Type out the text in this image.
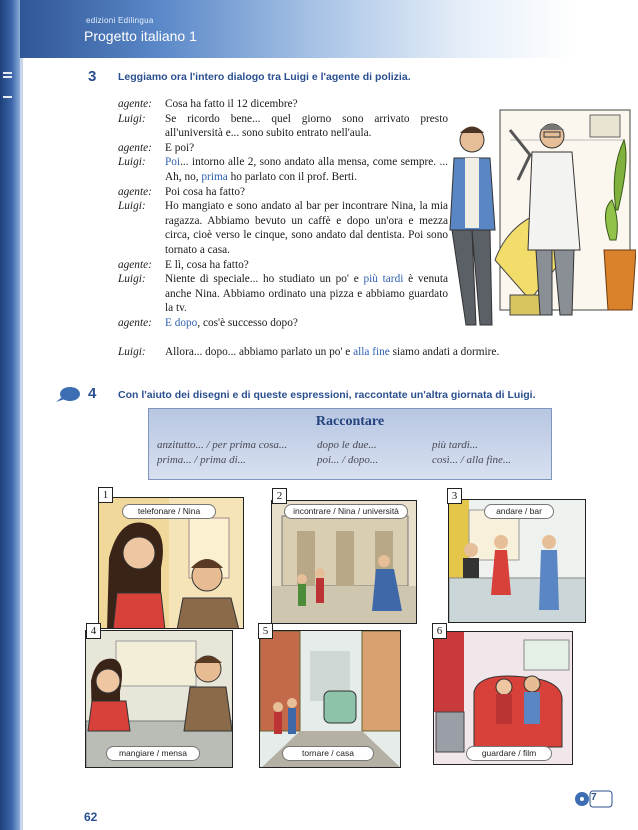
edizioni Edilingua
Progetto italiano 1
3 Leggiamo ora l'intero dialogo tra Luigi e l'agente di polizia.
agente:	Cosa ha fatto il 12 dicembre?
Luigi:	Se ricordo bene... quel giorno sono arrivato presto all'università e... sono subito entrato nell'aula.
agente:	E poi?
Luigi:	Poi... intorno alle 2, sono andato alla mensa, come sempre. ... Ah, no, prima ho parlato con il prof. Berti.
agente:	Poi cosa ha fatto?
Luigi:	Ho mangiato e sono andato al bar per incontrare Nina, la mia ragazza. Abbiamo bevuto un caffè e dopo un'ora e mezza circa, cioè verso le cinque, sono andato dal dentista. Poi sono tornato a casa.
agente:	E lì, cosa ha fatto?
Luigi:	Niente di speciale... ho studiato un po' e più tardi è venuta anche Nina. Abbiamo ordinato una pizza e abbiamo guardato la tv.
agente:	E dopo, cos'è successo dopo?
Luigi:	Allora... dopo... abbiamo parlato un po' e alla fine siamo andati a dormire.
4 Con l'aiuto dei disegni e di queste espressioni, raccontate un'altra giornata di Luigi.
Raccontare
anzitutto... / per prima cosa...	dopo le due...	più tardi...
prima... / prima di...	poi... / dopo...	così... / alla fine...
1
telefonare / Nina
2
incontrare / Nina / università
3
andare / bar
4
mangiare / mensa
5
tornare / casa
6
guardare / film
62
7
